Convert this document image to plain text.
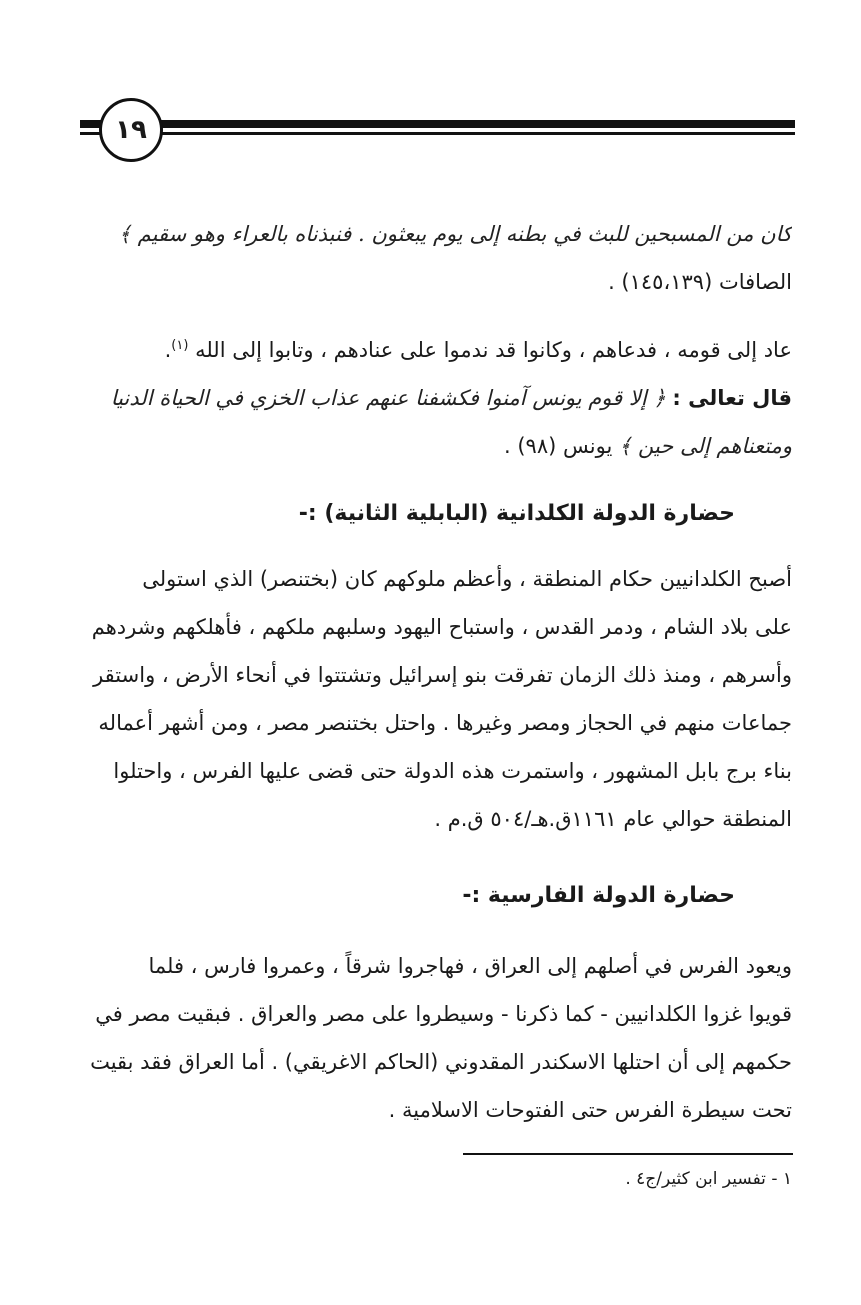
١٩
كان من المسبحين للبث في بطنه إلى يوم يبعثون . فنبذناه بالعراء وهو سقيم ﴾
الصافات (١٤٥،١٣٩) .
عاد إلى قومه ، فدعاهم ، وكانوا قد ندموا على عنادهم ، وتابوا إلى الله $^{(١)}$.
قال تعالى : ﴿ إلا قوم يونس آمنوا فكشفنا عنهم عذاب الخزي في الحياة الدنيا
ومتعناهم إلى حين ﴾ يونس (٩٨) .
حضارة الدولة الكلدانية (البابلية الثانية) :-
أصبح الكلدانيين حكام المنطقة ، وأعظم ملوكهم كان (بختنصر) الذي استولى
على بلاد الشام ، ودمر القدس ، واستباح اليهود وسلبهم ملكهم ، فأهلكهم وشردهم
وأسرهم ، ومنذ ذلك الزمان تفرقت بنو إسرائيل وتشتتوا في أنحاء الأرض ، واستقر
جماعات منهم في الحجاز ومصر وغيرها . واحتل بختنصر مصر ، ومن أشهر أعماله
بناء برج بابل المشهور ، واستمرت هذه الدولة حتى قضى عليها الفرس ، واحتلوا
المنطقة حوالي عام ١١٦١ق.هـ/٥٠٤ ق.م .
حضارة الدولة الفارسية :-
ويعود الفرس في أصلهم إلى العراق ، فهاجروا شرقاً ، وعمروا فارس ، فلما
قويوا غزوا الكلدانيين - كما ذكرنا - وسيطروا على مصر والعراق . فبقيت مصر في
حكمهم إلى أن احتلها الاسكندر المقدوني (الحاكم الاغريقي) . أما العراق فقد بقيت
تحت سيطرة الفرس حتى الفتوحات الاسلامية .
١ - تفسير ابن كثير/ج٤ .
